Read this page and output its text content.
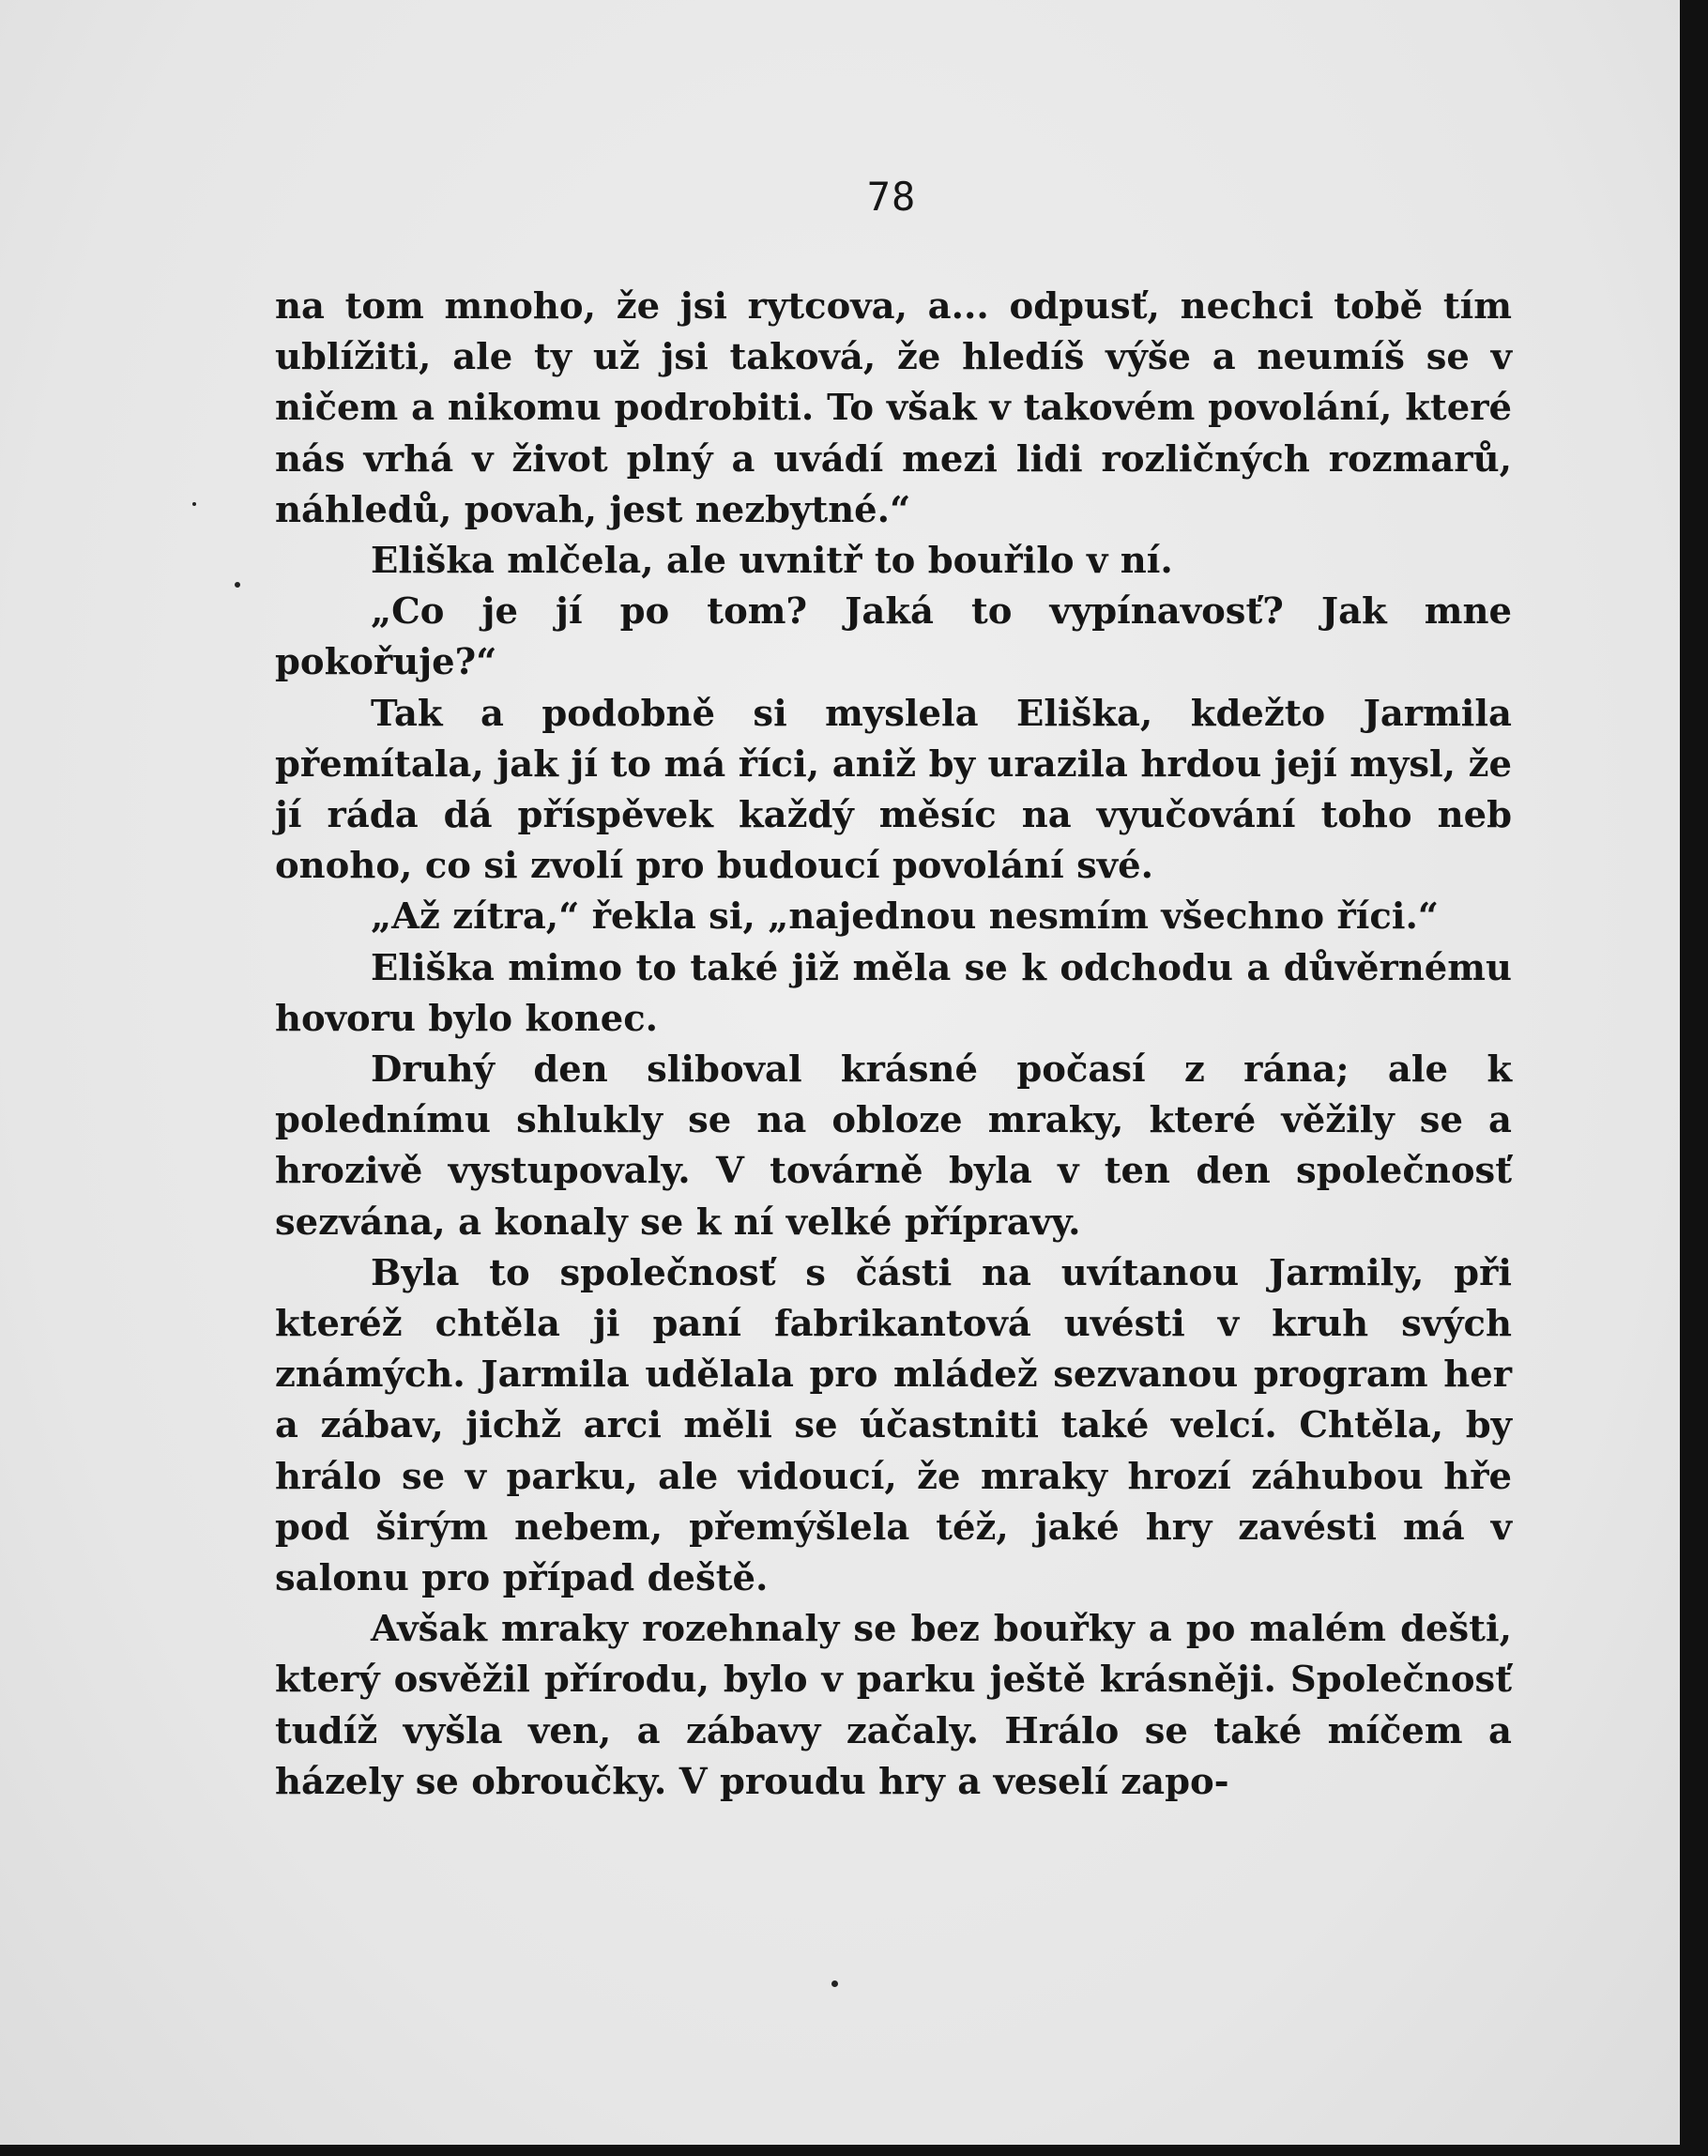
78

na tom mnoho, že jsi rytcova, a... odpusť, nechci tobě tím ublížiti, ale ty už jsi taková, že hledíš výše a neumíš se v ničem a nikomu podrobiti. To však v takovém povolání, které nás vrhá v život plný a uvádí mezi lidi rozličných rozmarů, náhledů, povah, jest nezbytné.“

Eliška mlčela, ale uvnitř to bouřilo v ní.

„Co je jí po tom? Jaká to vypínavosť? Jak mne pokořuje?“

Tak a podobně si myslela Eliška, kdežto Jarmila přemítala, jak jí to má říci, aniž by urazila hrdou její mysl, že jí ráda dá příspěvek každý měsíc na vyučování toho neb onoho, co si zvolí pro budoucí povolání své.

„Až zítra,“ řekla si, „najednou nesmím všechno říci.“

Eliška mimo to také již měla se k odchodu a důvěrnému hovoru bylo konec.

Druhý den sliboval krásné počasí z rána; ale k polednímu shlukly se na obloze mraky, které věžily se a hrozivě vystupovaly. V továrně byla v ten den společnosť sezvána, a konaly se k ní velké přípravy.

Byla to společnosť s části na uvítanou Jarmily, při kteréž chtěla ji paní fabrikantová uvésti v kruh svých známých. Jarmila udělala pro mládež sezvanou program her a zábav, jichž arci měli se účastniti také velcí. Chtěla, by hrálo se v parku, ale vidoucí, že mraky hrozí záhubou hře pod širým nebem, přemýšlela též, jaké hry zavésti má v salonu pro případ deště.

Avšak mraky rozehnaly se bez bouřky a po malém dešti, který osvěžil přírodu, bylo v parku ještě krásněji. Společnosť tudíž vyšla ven, a zábavy začaly. Hrálo se také míčem a házely se obroučky. V proudu hry a veselí zapo-
